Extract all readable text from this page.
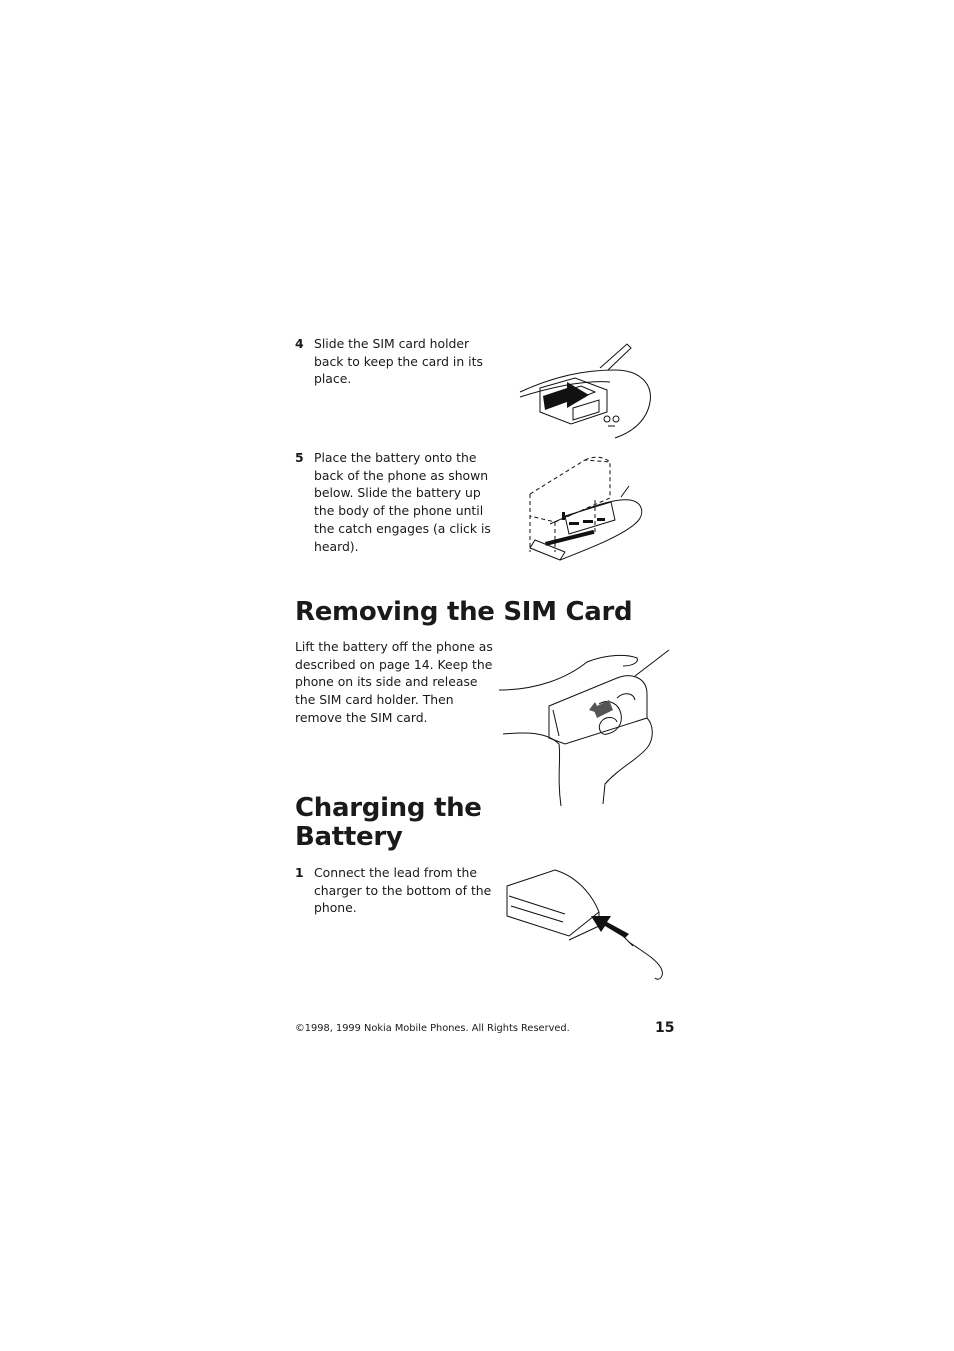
4 Slide the SIM card holder back to keep the card in its place.
5 Place the battery onto the back of the phone as shown below. Slide the battery up the body of the phone until the catch engages (a click is heard).
Removing the SIM Card
Lift the battery off the phone as described on page 14. Keep the phone on its side and release the SIM card holder. Then remove the SIM card.
Charging the
Battery
1 Connect the lead from the charger to the bottom of the phone.
©1998, 1999 Nokia Mobile Phones. All Rights Reserved.	15
